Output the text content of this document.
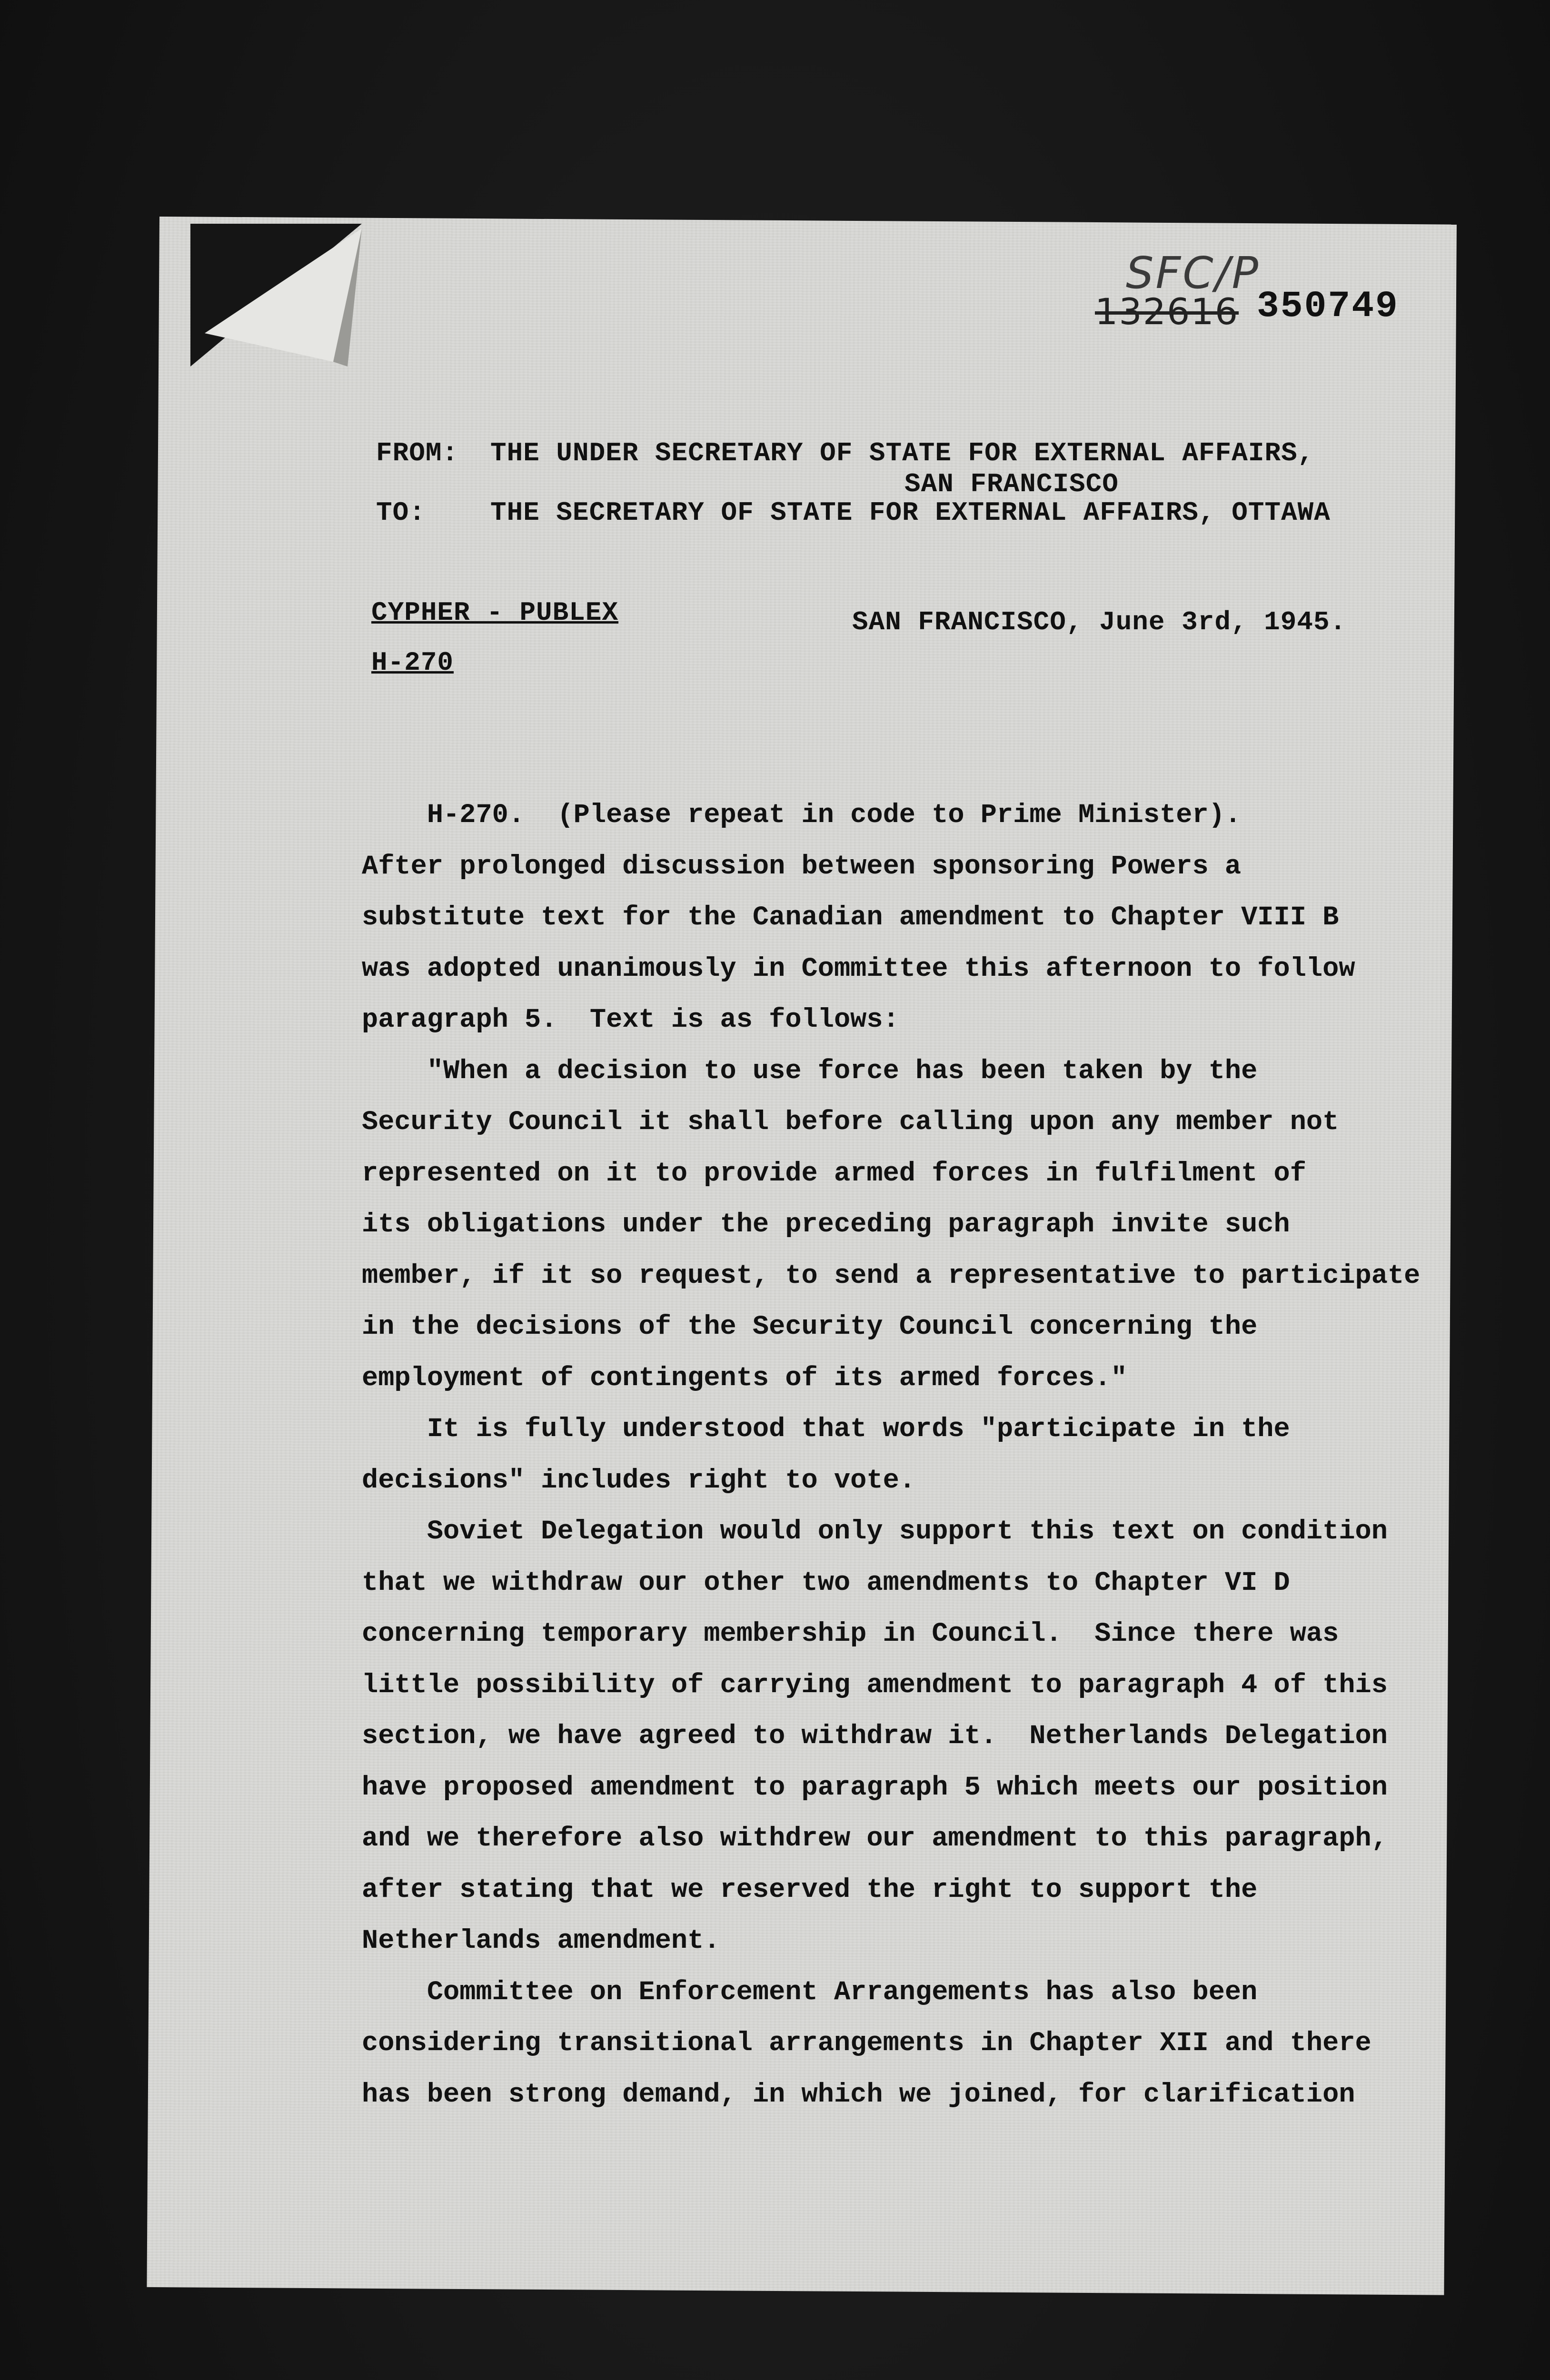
SFC/P
132616 350749
FROM: THE UNDER SECRETARY OF STATE FOR EXTERNAL AFFAIRS,
SAN FRANCISCO
TO: THE SECRETARY OF STATE FOR EXTERNAL AFFAIRS, OTTAWA
CYPHER - PUBLEX
H-270
SAN FRANCISCO, June 3rd, 1945.

H-270.  (Please repeat in code to Prime Minister).

After prolonged discussion between sponsoring Powers a

substitute text for the Canadian amendment to Chapter VIII B

was adopted unanimously in Committee this afternoon to follow

paragraph 5.  Text is as follows:

"When a decision to use force has been taken by the

Security Council it shall before calling upon any member not

represented on it to provide armed forces in fulfilment of

its obligations under the preceding paragraph invite such

member, if it so request, to send a representative to participate

in the decisions of the Security Council concerning the

employment of contingents of its armed forces."

It is fully understood that words "participate in the

decisions" includes right to vote.

Soviet Delegation would only support this text on condition

that we withdraw our other two amendments to Chapter VI D

concerning temporary membership in Council.  Since there was

little possibility of carrying amendment to paragraph 4 of this

section, we have agreed to withdraw it.  Netherlands Delegation

have proposed amendment to paragraph 5 which meets our position

and we therefore also withdrew our amendment to this paragraph,

after stating that we reserved the right to support the

Netherlands amendment.

Committee on Enforcement Arrangements has also been

considering transitional arrangements in Chapter XII and there

has been strong demand, in which we joined, for clarification
